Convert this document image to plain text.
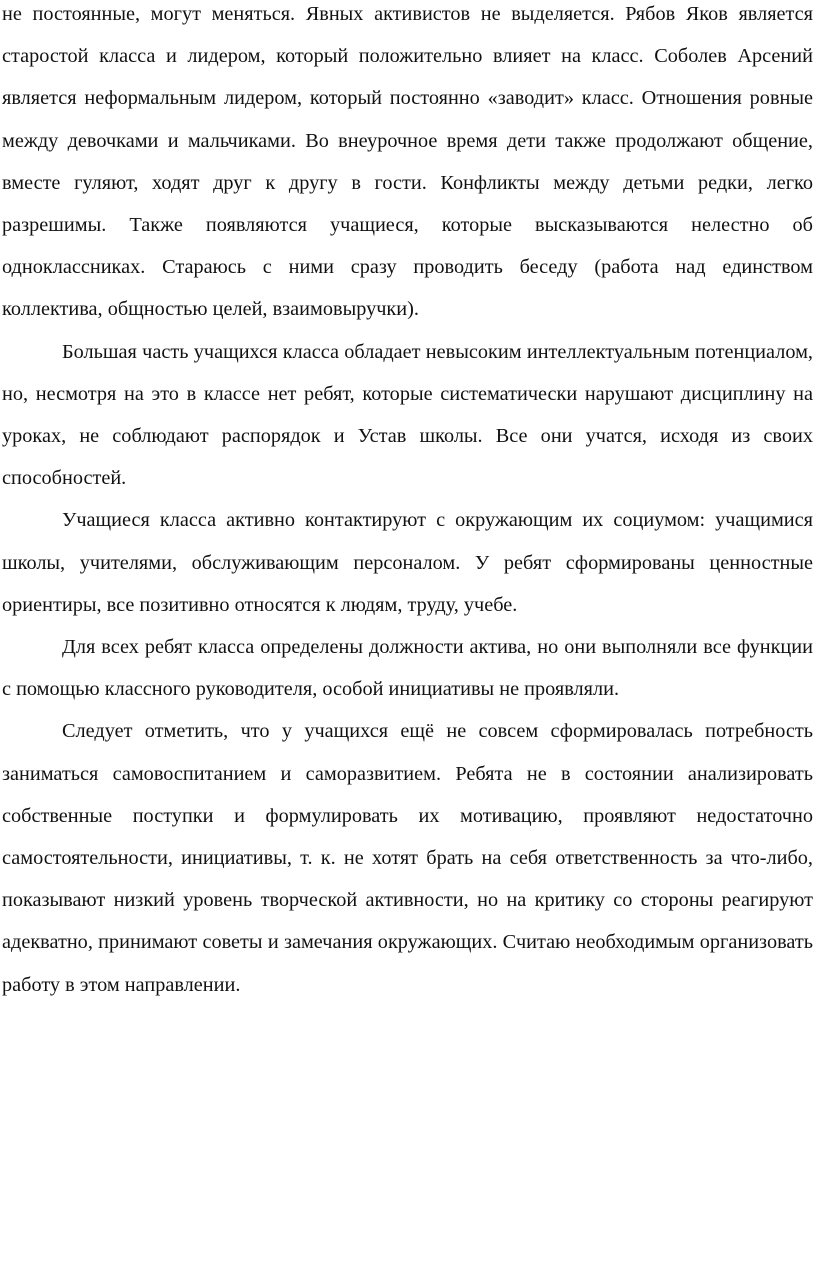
не постоянные, могут меняться. Явных активистов не выделяется. Рябов Яков является старостой класса и лидером, который положительно влияет на класс. Соболев Арсений является неформальным лидером, который постоянно «заводит» класс. Отношения ровные между девочками и мальчиками. Во внеурочное время дети также продолжают общение, вместе гуляют, ходят друг к другу в гости. Конфликты между детьми редки, легко разрешимы. Также появляются учащиеся, которые высказываются нелестно об одноклассниках. Стараюсь с ними сразу проводить беседу (работа над единством коллектива, общностью целей, взаимовыручки).

Большая часть учащихся класса обладает невысоким интеллектуальным потенциалом, но, несмотря на это в классе нет ребят, которые систематически нарушают дисциплину на уроках, не соблюдают распорядок и Устав школы. Все они учатся, исходя из своих способностей.

Учащиеся класса активно контактируют с окружающим их социумом: учащимися школы, учителями, обслуживающим персоналом. У ребят сформированы ценностные ориентиры, все позитивно относятся к людям, труду, учебе.

Для всех ребят класса определены должности актива, но они выполняли все функции с помощью классного руководителя, особой инициативы не проявляли.

Следует отметить, что у учащихся ещё не совсем сформировалась потребность заниматься самовоспитанием и саморазвитием. Ребята не в состоянии анализировать собственные поступки и формулировать их мотивацию, проявляют недостаточно самостоятельности, инициативы, т. к. не хотят брать на себя ответственность за что-либо, показывают низкий уровень творческой активности, но на критику со стороны реагируют адекватно, принимают советы и замечания окружающих. Считаю необходимым организовать работу в этом направлении.
